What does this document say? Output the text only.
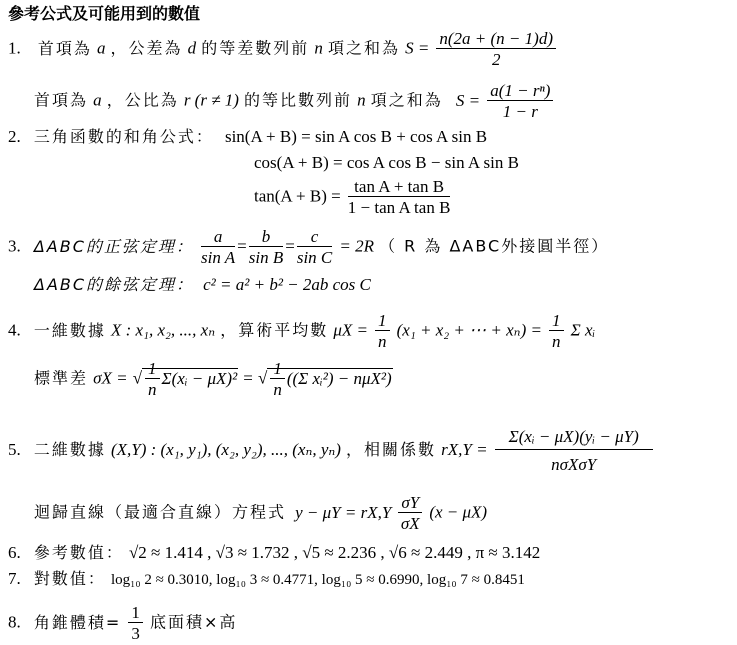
參考公式及可能用到的數值
1. 首項為 a ，公差為 d 的等差數列前 n 項之和為 $S = \frac{n(2a + (n - 1)d)}{2}$
首項為 a ，公比為 r (r ≠ 1) 的等比數列前 n 項之和為 $S = \frac{\text{a(1 − rⁿ)}}{1 - r}$
2. 三角函數的和角公式： sin(A + B) = sin A cos B + cos A sin B
cos(A + B) = cos A cos B − sin A sin B
$\tan(A + B) = \frac{\text{tan A + tan B}}{\text{1 − tan A tan B}}$
3. ΔABC的正弦定理： $\frac{a}{\text{sin A}} = \frac{b}{\text{sin B}} = \frac{c}{\text{sin C}} = 2R$ （ R 為 ΔABC外接圓半徑）
ΔABC的餘弦定理： c² = a² + b² − 2ab cos C
4. 一維數據 X : x₁, x₂, ..., xₙ ，算術平均數 $\mu X = \frac{1}{n} (x_1 + x_2$ + ⋯ + $x_n) = \frac{1}{n}$ Σ xᵢ
標準差 σX = √ $\frac{1}{n}$ Σ(xᵢ − μX)² = √ $\frac{1}{n} ((\Sigma$ xᵢ²) − nμX²)
5. 二維數據 (X,Y) : (x₁, y₁), (x₂, y₂), ..., (xₙ, yₙ) ，相關係數 $rX,Y = \frac{\text{Σ(xᵢ − μX)(yᵢ − μY)}}{\text{nσXσY}}$
迴歸直線（最適合直線）方程式 $y - \mu Y = rX,Y \frac{\sigma Y}{\sigma X} (x - \mu X)$
6. 參考數值： √2 ≈ 1.414 , √3 ≈ 1.732 , √5 ≈ 2.236 , √6 ≈ 2.449 , π ≈ 3.142
7. 對數值： log₁₀ 2 ≈ 0.3010, log₁₀ 3 ≈ 0.4771, log₁₀ 5 ≈ 0.6990, log₁₀ 7 ≈ 0.8451
8. 角錐體積= $\frac{1}{3}$ 底面積×高
